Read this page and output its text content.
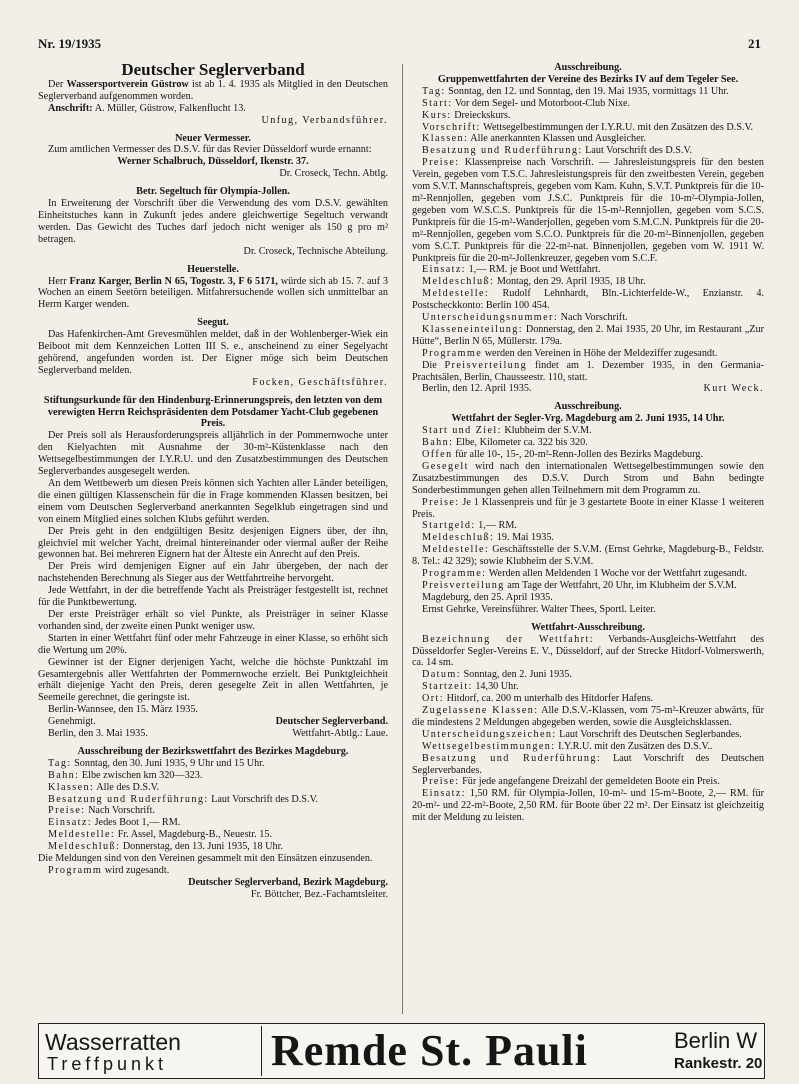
Nr. 19/1935	21
Deutscher Seglerverband

Der Wassersportverein Güstrow ist ab 1. 4. 1935 als Mitglied in den Deutschen Seglerverband aufgenommen worden.

Anschrift: A. Müller, Güstrow, Falkenflucht 13.

Unfug, Verbandsführer.

Neuer Vermesser.

Zum amtlichen Vermesser des D.S.V. für das Revier Düsseldorf wurde ernannt:

Werner Schalbruch, Düsseldorf, Ikenstr. 37.

Dr. Croseck, Techn. Abtlg.

Betr. Segeltuch für Olympia-Jollen.

In Erweiterung der Vorschrift über die Verwendung des vom D.S.V. gewählten Einheitstuches kann in Zukunft jedes andere gleichwertige Segeltuch verwandt werden. Das Gewicht des Tuches darf jedoch nicht weniger als 150 g pro m² betragen.

Dr. Croseck, Technische Abteilung.

Heuerstelle.

Herr Franz Karger, Berlin N 65, Togostr. 3, F 6 5171, würde sich ab 15. 7. auf 3 Wochen an einem Seetörn beteiligen. Mitfahrersuchende wollen sich unmittelbar an Herrn Karger wenden.

Seegut.

Das Hafenkirchen-Amt Grevesmühlen meldet, daß in der Wohlenberger-Wiek ein Beiboot mit dem Kennzeichen Lotten III S. e., anscheinend zu einer Segelyacht gehörend, angefunden worden ist. Der Eigner möge sich beim Deutschen Seglerverband melden.

Focken, Geschäftsführer.

Stiftungsurkunde für den Hindenburg-Erinnerungspreis, den letzten von dem verewigten Herrn Reichspräsidenten dem Potsdamer Yacht-Club gegebenen Preis.

Der Preis soll als Herausforderungspreis alljährlich in der Pommernwoche unter den Kielyachten mit Ausnahme der 30-m²-Küstenklasse nach den Wettsegelbestimmungen der I.Y.R.U. und den Zusatzbestimmungen des Deutschen Seglerverbandes ausgesegelt werden.

An dem Wettbewerb um diesen Preis können sich Yachten aller Länder beteiligen, die einen gültigen Klassenschein für die in Frage kommenden Klassen besitzen, bei einem vom Deutschen Seglerverband anerkannten Segelklub eingetragen sind und von einem Mitglied eines solchen Klubs geführt werden.

Der Preis geht in den endgültigen Besitz desjenigen Eigners über, der ihn, gleichviel mit welcher Yacht, dreimal hintereinander oder viermal außer der Reihe gewonnen hat. Bei mehreren Eignern hat der Älteste ein Anrecht auf den Preis.

Der Preis wird demjenigen Eigner auf ein Jahr übergeben, der nach der nachstehenden Berechnung als Sieger aus der Wettfahrtreihe hervorgeht.

Jede Wettfahrt, in der die betreffende Yacht als Preisträger festgestellt ist, rechnet für die Punktbewertung.

Der erste Preisträger erhält so viel Punkte, als Preisträger in seiner Klasse vorhanden sind, der zweite einen Punkt weniger usw.

Starten in einer Wettfahrt fünf oder mehr Fahrzeuge in einer Klasse, so erhöht sich die Wertung um 20%.

Gewinner ist der Eigner derjenigen Yacht, welche die höchste Punktzahl im Gesamtergebnis aller Wettfahrten der Pommernwoche erzielt. Bei Punktgleichheit erhält diejenige Yacht den Preis, deren gesegelte Zeit in allen Wettfahrten, je Seemeile gerechnet, die geringste ist.

Berlin-Wannsee, den 15. März 1935.

Genehmigt.	Deutscher Seglerverband.

Berlin, den 3. Mai 1935.	Wettfahrt-Abtlg.: Laue.

Ausschreibung der Bezirkswettfahrt des Bezirkes Magdeburg.

Tag: Sonntag, den 30. Juni 1935, 9 Uhr und 15 Uhr.

Bahn: Elbe zwischen km 320—323.

Klassen: Alle des D.S.V.

Besatzung und Ruderführung: Laut Vorschrift des D.S.V.

Preise: Nach Vorschrift.

Einsatz: Jedes Boot 1,— RM.

Meldestelle: Fr. Assel, Magdeburg-B., Neuestr. 15.

Meldeschluß: Donnerstag, den 13. Juni 1935, 18 Uhr.

Die Meldungen sind von den Vereinen gesammelt mit den Einsätzen einzusenden.

Programm wird zugesandt.

Deutscher Seglerverband, Bezirk Magdeburg.

Fr. Böttcher, Bez.-Fachamtsleiter.

Ausschreibung.

Gruppenwettfahrten der Vereine des Bezirks IV auf dem Tegeler See.

Tag: Sonntag, den 12. und Sonntag, den 19. Mai 1935, vormittags 11 Uhr.

Start: Vor dem Segel- und Motorboot-Club Nixe.

Kurs: Dreieckskurs.

Vorschrift: Wettsegelbestimmungen der I.Y.R.U. mit den Zusätzen des D.S.V.

Klassen: Alle anerkannten Klassen und Ausgleicher.

Besatzung und Ruderführung: Laut Vorschrift des D.S.V.

Preise: Klassenpreise nach Vorschrift. — Jahresleistungspreis für den besten Verein, gegeben vom T.S.C. Jahresleistungspreis für den zweitbesten Verein, gegeben vom S.V.T. Mannschaftspreis, gegeben vom Kam. Kuhn, S.V.T. Punktpreis für die 10-m²-Rennjollen, gegeben vom J.S.C. Punktpreis für die 10-m²-Olympia-Jollen, gegeben vom W.S.C.S. Punktpreis für die 15-m²-Rennjollen, gegeben vom S.C.S. Punktpreis für die 15-m²-Wanderjollen, gegeben vom S.M.C.N. Punktpreis für die 20-m²-Rennjollen, gegeben vom S.C.O. Punktpreis für die 20-m²-Binnenjollen, gegeben vom S.C.T. Punktpreis für die 22-m²-nat. Binnenjollen, gegeben vom W. 1911 W. Punktpreis für die 20-m²-Jollenkreuzer, gegeben vom S.C.F.

Einsatz: 1,— RM. je Boot und Wettfahrt.

Meldeschluß: Montag, den 29. April 1935, 18 Uhr.

Meldestelle: Rudolf Lehnhardt, Bln.-Lichterfelde-W., Enzianstr. 4. Postscheckkonto: Berlin 100 454.

Unterscheidungsnummer: Nach Vorschrift.

Klasseneinteilung: Donnerstag, den 2. Mai 1935, 20 Uhr, im Restaurant „Zur Hütte“, Berlin N 65, Müllerstr. 179a.

Programme werden den Vereinen in Höhe der Meldeziffer zugesandt.

Die Preisverteilung findet am 1. Dezember 1935, in den Germania-Prachtsälen, Berlin, Chausseestr. 110, statt.

Berlin, den 12. April 1935.	Kurt Weck.

Ausschreibung.

Wettfahrt der Segler-Vrg. Magdeburg am 2. Juni 1935, 14 Uhr.

Start und Ziel: Klubheim der S.V.M.

Bahn: Elbe, Kilometer ca. 322 bis 320.

Offen für alle 10-, 15-, 20-m²-Renn-Jollen des Bezirks Magdeburg.

Gesegelt wird nach den internationalen Wettsegelbestimmungen sowie den Zusatzbestimmungen des D.S.V. Durch Strom und Bahn bedingte Sonderbestimmungen gehen allen Teilnehmern mit dem Programm zu.

Preise: Je 1 Klassenpreis und für je 3 gestartete Boote in einer Klasse 1 weiteren Preis.

Startgeld: 1,— RM.

Meldeschluß: 19. Mai 1935.

Meldestelle: Geschäftsstelle der S.V.M. (Ernst Gehrke, Magdeburg-B., Feldstr. 8. Tel.: 42 329); sowie Klubheim der S.V.M.

Programme: Werden allen Meldenden 1 Woche vor der Wettfahrt zugesandt.

Preisverteilung am Tage der Wettfahrt, 20 Uhr, im Klubheim der S.V.M.

Magdeburg, den 25. April 1935.

Ernst Gehrke, Vereinsführer. Walter Thees, Sportl. Leiter.

Wettfahrt-Ausschreibung.

Bezeichnung der Wettfahrt: Verbands-Ausgleichs-Wettfahrt des Düsseldorfer Segler-Vereins E. V., Düsseldorf, auf der Strecke Hitdorf-Volmerswerth, ca. 14 sm.

Datum: Sonntag, den 2. Juni 1935.

Startzeit: 14,30 Uhr.

Ort: Hitdorf, ca. 200 m unterhalb des Hitdorfer Hafens.

Zugelassene Klassen: Alle D.S.V.-Klassen, vom 75-m²-Kreuzer abwärts, für die mindestens 2 Meldungen abgegeben werden, sowie die Ausgleichsklassen.

Unterscheidungszeichen: Laut Vorschrift des Deutschen Seglerbandes.

Wettsegelbestimmungen: I.Y.R.U. mit den Zusätzen des D.S.V..

Besatzung und Ruderführung: Laut Vorschrift des Deutschen Seglerverbandes.

Preise: Für jede angefangene Dreizahl der gemeldeten Boote ein Preis.

Einsatz: 1,50 RM. für Olympia-Jollen, 10-m²- und 15-m²-Boote, 2,— RM. für 20-m²- und 22-m²-Boote, 2,50 RM. für Boote über 22 m². Der Einsatz ist gleichzeitig mit der Meldung zu leisten.

Wasserratten
Treffpunkt Remde St. Pauli	Berlin W
Rankestr. 20
